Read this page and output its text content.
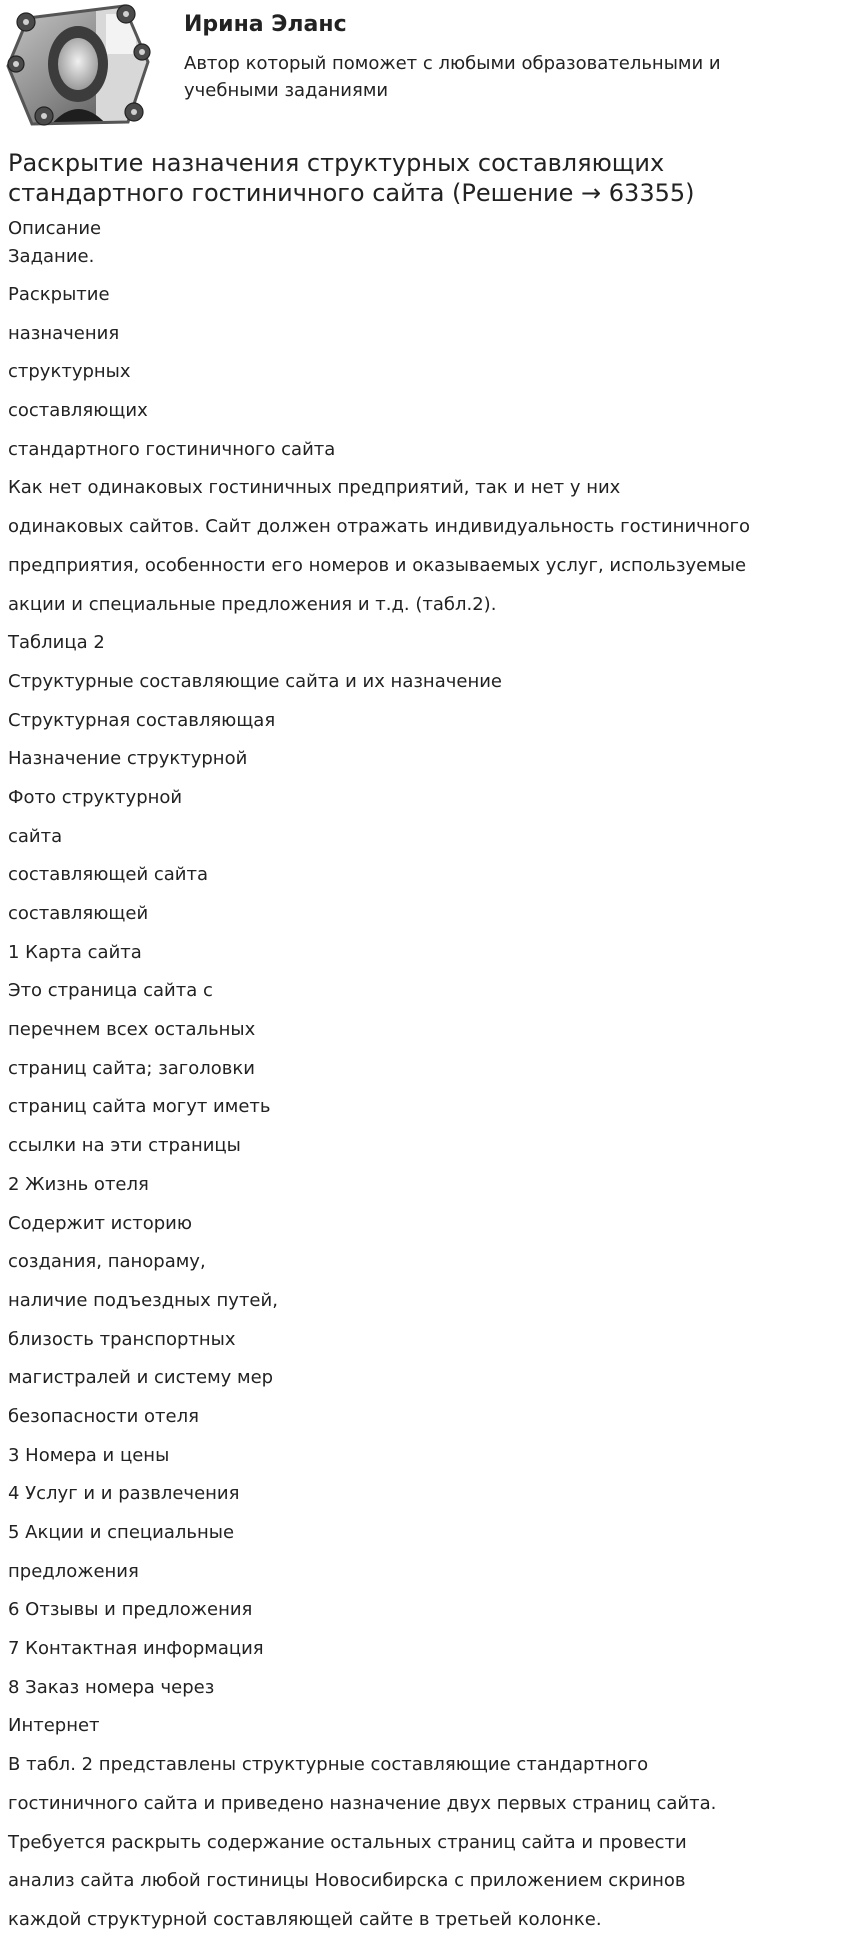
Ирина Эланс
Автор который поможет с любыми образовательными и учебными заданиями
Раскрытие назначения структурных составляющих стандартного гостиничного сайта (Решение → 63355)
Описание
Задание.
Раскрытие
назначения
структурных
составляющих
стандартного гостиничного сайта
Как нет одинаковых гостиничных предприятий, так и нет у них
одинаковых сайтов. Сайт должен отражать индивидуальность гостиничного
предприятия, особенности его номеров и оказываемых услуг, используемые
акции и специальные предложения и т.д. (табл.2).
Таблица 2
Структурные составляющие сайта и их назначение
Структурная составляющая
Назначение структурной
Фото структурной
сайта
составляющей сайта
составляющей
1 Карта сайта
Это страница сайта с
перечнем всех остальных
страниц сайта; заголовки
страниц сайта могут иметь
ссылки на эти страницы
2 Жизнь отеля
Содержит историю
создания, панораму,
наличие подъездных путей,
близость транспортных
магистралей и систему мер
безопасности отеля
3 Номера и цены
4 Услуг и и развлечения
5 Акции и специальные
предложения
6 Отзывы и предложения
7 Контактная информация
8 Заказ номера через
Интернет
В табл. 2 представлены структурные составляющие стандартного
гостиничного сайта и приведено назначение двух первых страниц сайта.
Требуется раскрыть содержание остальных страниц сайта и провести
анализ сайта любой гостиницы Новосибирска с приложением скринов
каждой структурной составляющей сайте в третьей колонке.
